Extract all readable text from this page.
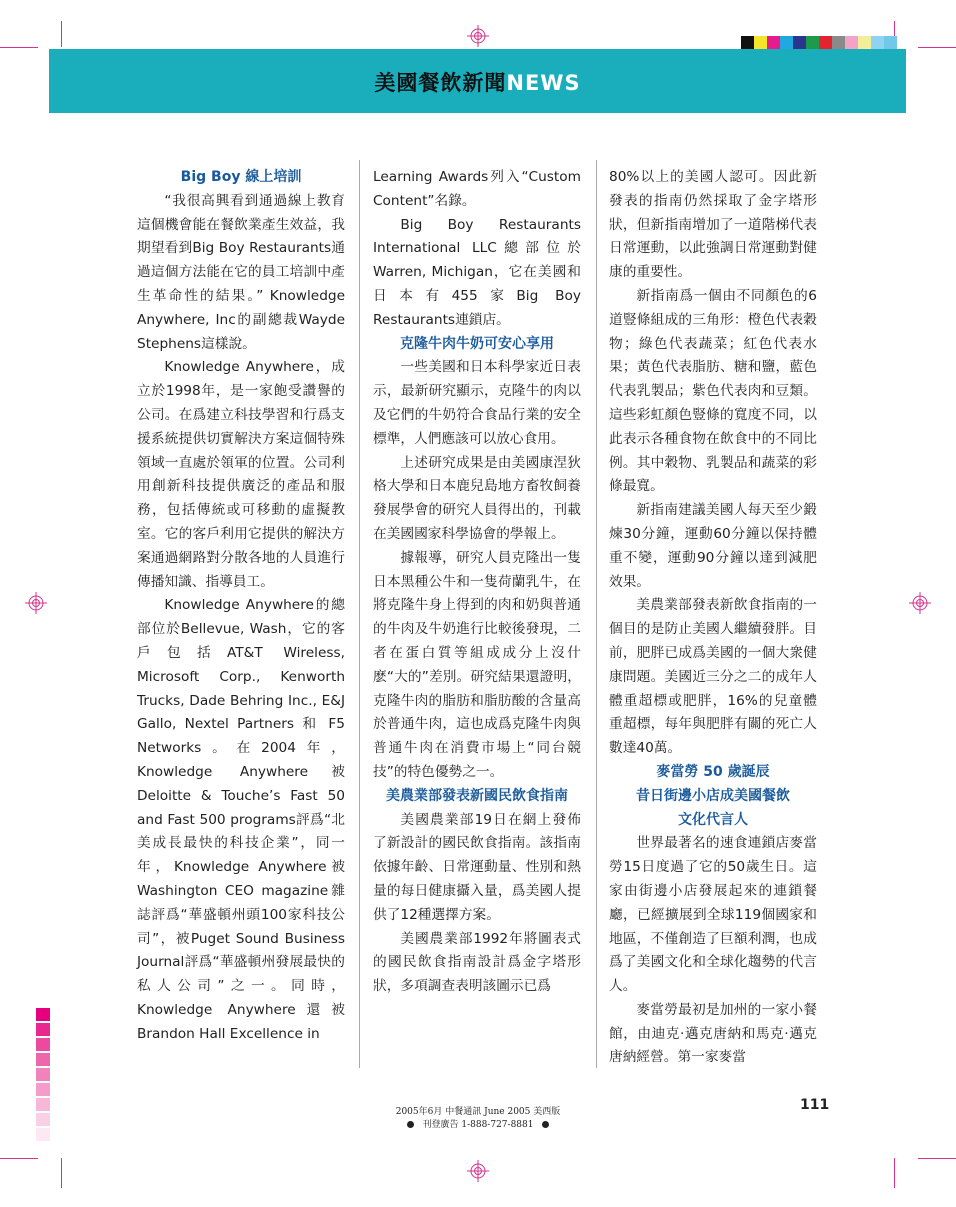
美國餐飲新聞NEWS
Big Boy 線上培訓

“我很高興看到通過線上教育這個機會能在餐飲業產生效益，我期望看到Big Boy Restaurants通過這個方法能在它的員工培訓中產生革命性的結果。” Knowledge Anywhere, Inc的副總裁Wayde Stephens這樣說。

Knowledge Anywhere，成立於1998年，是一家飽受讚譽的公司。在爲建立科技學習和行爲支援系統提供切實解決方案這個特殊領域一直處於領軍的位置。公司利用創新科技提供廣泛的產品和服務，包括傳統或可移動的虛擬教室。它的客戶利用它提供的解決方案通過網路對分散各地的人員進行傳播知識、指導員工。

Knowledge Anywhere的總部位於Bellevue, Wash，它的客戶包括AT&T Wireless, Microsoft Corp., Kenworth Trucks, Dade Behring Inc., E&J Gallo, Nextel Partners 和 F5 Networks。在2004年，Knowledge Anywhere被Deloitte & Touche’s Fast 50 and Fast 500 programs評爲“北美成長最快的科技企業”，同一年，Knowledge Anywhere被Washington CEO magazine雜誌評爲“華盛頓州頭100家科技公司”，被Puget Sound Business Journal評爲“華盛頓州發展最快的私人公司”之一。同時，Knowledge Anywhere還被Brandon Hall Excellence in

Learning Awards列入“Custom Content”名錄。

Big Boy Restaurants International LLC總部位於Warren, Michigan，它在美國和日本有455家Big Boy Restaurants連鎖店。

克隆牛肉牛奶可安心享用

一些美國和日本科學家近日表示，最新研究顯示，克隆牛的肉以及它們的牛奶符合食品行業的安全標準，人們應該可以放心食用。

上述研究成果是由美國康涅狄格大學和日本鹿兒島地方畜牧飼養發展學會的研究人員得出的，刊載在美國國家科學協會的學報上。

據報導，研究人員克隆出一隻日本黑種公牛和一隻荷蘭乳牛，在將克隆牛身上得到的肉和奶與普通的牛肉及牛奶進行比較後發現，二者在蛋白質等組成成分上沒什麽“大的”差別。研究結果還證明，克隆牛肉的脂肪和脂肪酸的含量高於普通牛肉，這也成爲克隆牛肉與普通牛肉在消費市場上“同台競技”的特色優勢之一。

美農業部發表新國民飲食指南

美國農業部19日在網上發佈了新設計的國民飲食指南。該指南依據年齡、日常運動量、性別和熱量的每日健康攝入量，爲美國人提供了12種選擇方案。

美國農業部1992年將圖表式的國民飲食指南設計爲金字塔形狀，多項調查表明該圖示已爲

80%以上的美國人認可。因此新發表的指南仍然採取了金字塔形狀，但新指南增加了一道階梯代表日常運動，以此強調日常運動對健康的重要性。

新指南爲一個由不同顏色的6道豎條組成的三角形：橙色代表穀物；綠色代表蔬菜；紅色代表水果；黃色代表脂肪、糖和鹽，藍色代表乳製品；紫色代表肉和豆類。這些彩虹顏色豎條的寬度不同，以此表示各種食物在飲食中的不同比例。其中穀物、乳製品和蔬菜的彩條最寬。

新指南建議美國人每天至少鍛煉30分鐘，運動60分鐘以保持體重不變，運動90分鐘以達到減肥效果。

美農業部發表新飲食指南的一個目的是防止美國人繼續發胖。目前，肥胖已成爲美國的一個大衆健康問題。美國近三分之二的成年人體重超標或肥胖，16%的兒童體重超標，每年與肥胖有關的死亡人數達40萬。

麥當勞 50 歲誕辰
昔日街邊小店成美國餐飲
文化代言人

世界最著名的速食連鎖店麥當勞15日度過了它的50歲生日。這家由街邊小店發展起來的連鎖餐廳，已經擴展到全球119個國家和地區，不僅創造了巨額利潤，也成爲了美國文化和全球化趨勢的代言人。

麥當勞最初是加州的一家小餐館，由迪克·邁克唐納和馬克·邁克唐納經營。第一家麥當

111
2005年6月 中餐通訊 June 2005 美西版
刊登廣告 1-888-727-8881
